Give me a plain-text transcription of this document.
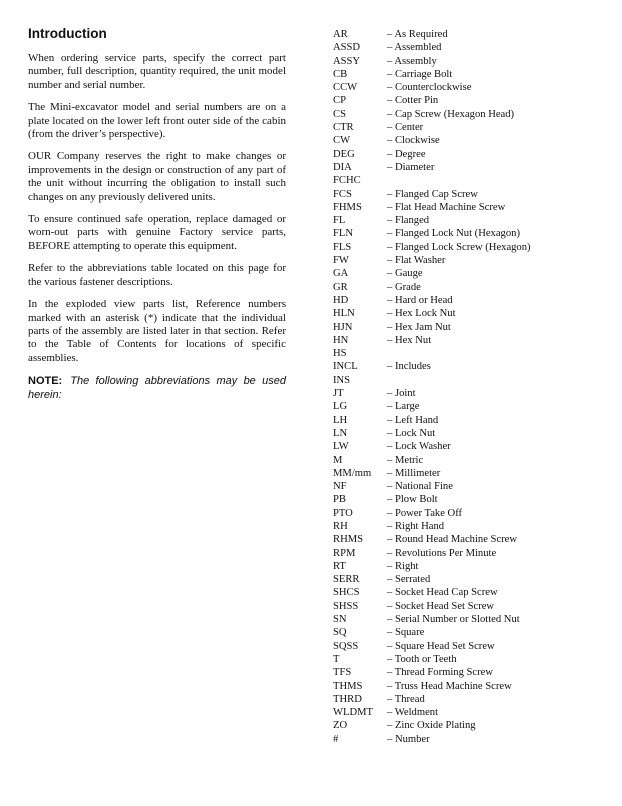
Introduction

When ordering service parts, specify the correct part number, full description, quantity required, the unit model number and serial number.

The Mini-excavator model and serial numbers are on a plate located on the lower left front outer side of the cabin (from the driver’s perspective).

OUR Company reserves the right to make changes or improvements in the design or construction of any part of the unit without incurring the obligation to install such changes on any previously delivered units.

To ensure continued safe operation, replace damaged or worn-out parts with genuine Factory service parts, BEFORE attempting to operate this equipment.

Refer to the abbreviations table located on this page for the various fastener descriptions.

In the exploded view parts list, Reference numbers marked with an asterisk (*) indicate that the individual parts of the assembly are listed later in that section. Refer to the Table of Contents for locations of specific assemblies.

NOTE: The following abbreviations may be used herein:

AR	– As Required
ASSD	– Assembled
ASSY	– Assembly
CB	– Carriage Bolt
CCW	– Counterclockwise
CP	– Cotter Pin
CS	– Cap Screw (Hexagon Head)
CTR	– Center
CW	– Clockwise
DEG	– Degree
DIA	– Diameter
FCHC
FCS	– Flanged Cap Screw
FHMS	– Flat Head Machine Screw
FL	– Flanged
FLN	– Flanged Lock Nut (Hexagon)
FLS	– Flanged Lock Screw (Hexagon)
FW	– Flat Washer
GA	– Gauge
GR	– Grade
HD	– Hard or Head
HLN	– Hex Lock Nut
HJN	– Hex Jam Nut
HN	– Hex Nut
HS
INCL	– Includes
INS
JT	– Joint
LG	– Large
LH	– Left Hand
LN	– Lock Nut
LW	– Lock Washer
M	– Metric
MM/mm	– Millimeter
NF	– National Fine
PB	– Plow Bolt
PTO	– Power Take Off
RH	– Right Hand
RHMS	– Round Head Machine Screw
RPM	– Revolutions Per Minute
RT	– Right
SERR	– Serrated
SHCS	– Socket Head Cap Screw
SHSS	– Socket Head Set Screw
SN	– Serial Number or Slotted Nut
SQ	– Square
SQSS	– Square Head Set Screw
T	– Tooth or Teeth
TFS	– Thread Forming Screw
THMS	– Truss Head Machine Screw
THRD	– Thread
WLDMT	– Weldment
ZO	– Zinc Oxide Plating
#	– Number
